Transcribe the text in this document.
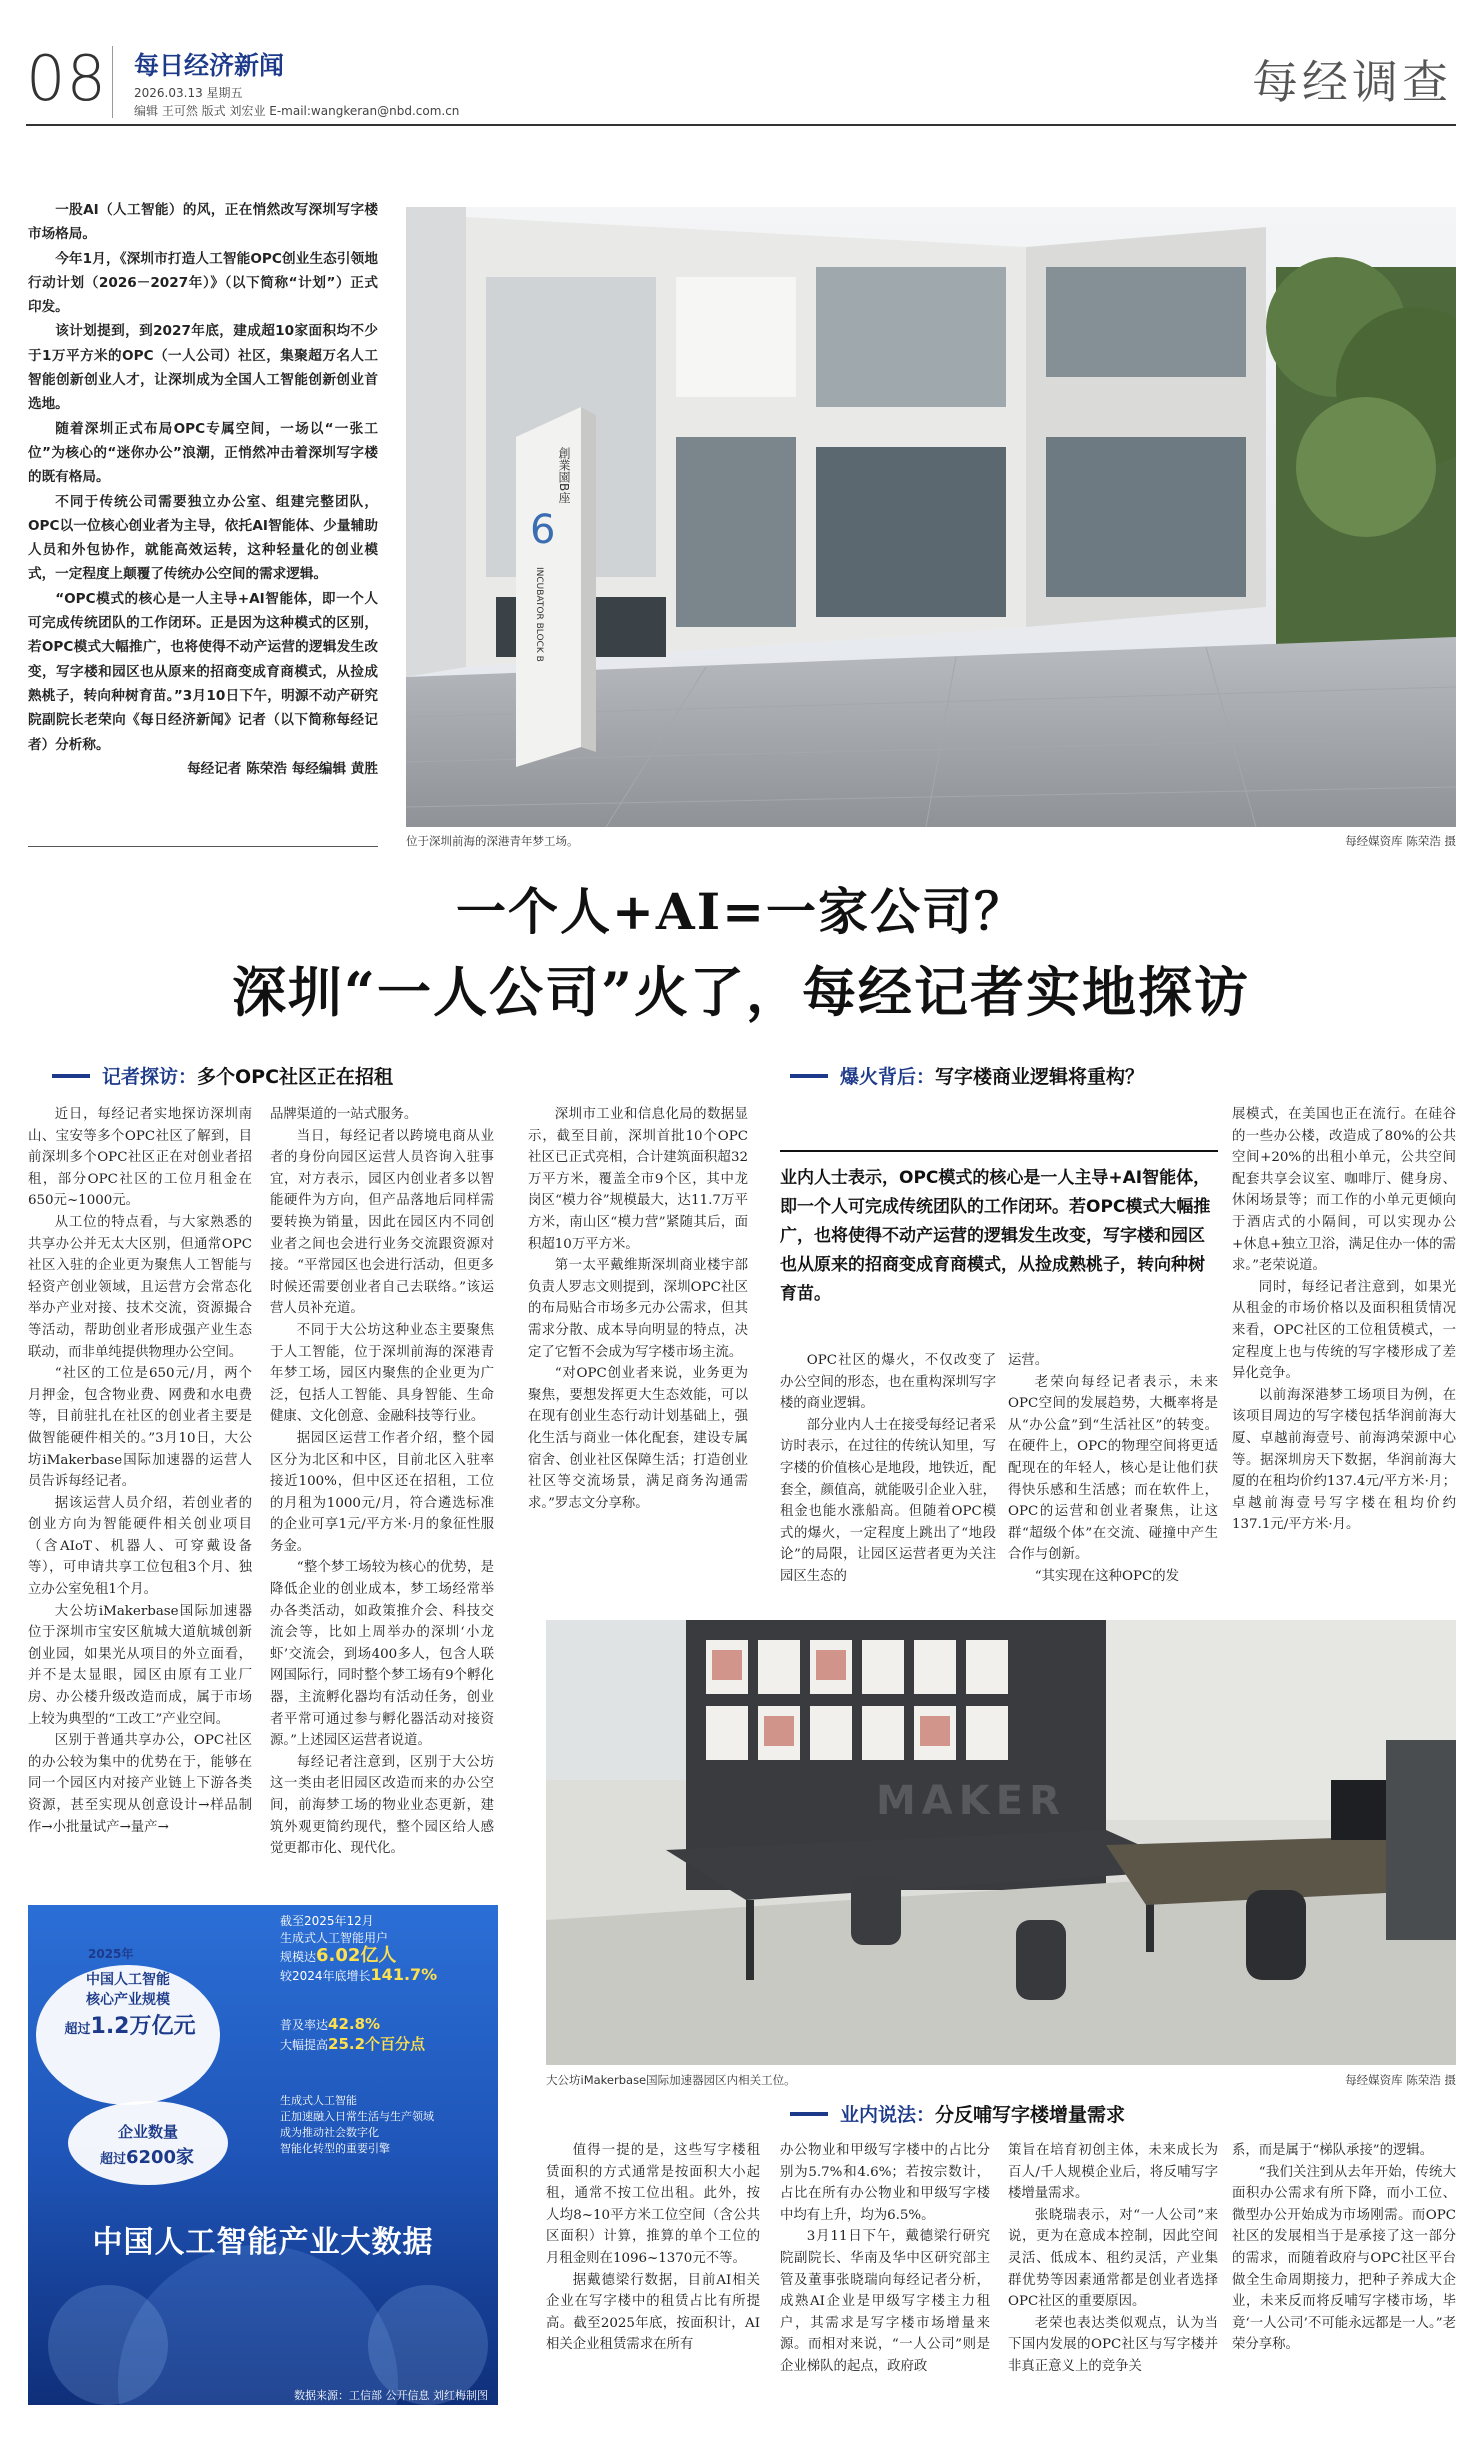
08 每日经济新闻
2026.03.13 星期五
编辑 王可然 版式 刘宏业 E-mail:wangkeran@nbd.com.cn
每经调查

一股AI（人工智能）的风，正在悄然改写深圳写字楼市场格局。

今年1月，《深圳市打造人工智能OPC创业生态引领地行动计划（2026－2027年）》（以下简称“计划”）正式印发。

该计划提到，到2027年底，建成超10家面积均不少于1万平方米的OPC（一人公司）社区，集聚超万名人工智能创新创业人才，让深圳成为全国人工智能创新创业首选地。

随着深圳正式布局OPC专属空间，一场以“一张工位”为核心的“迷你办公”浪潮，正悄然冲击着深圳写字楼的既有格局。

不同于传统公司需要独立办公室、组建完整团队，OPC以一位核心创业者为主导，依托AI智能体、少量辅助人员和外包协作，就能高效运转，这种轻量化的创业模式，一定程度上颠覆了传统办公空间的需求逻辑。

“OPC模式的核心是一人主导+AI智能体，即一个人可完成传统团队的工作闭环。正是因为这种模式的区别，若OPC模式大幅推广，也将使得不动产运营的逻辑发生改变，写字楼和园区也从原来的招商变成育商模式，从捡成熟桃子，转向种树育苗。”3月10日下午，明源不动产研究院副院长老荣向《每日经济新闻》记者（以下简称每经记者）分析称。

每经记者 陈荣浩 每经编辑 黄胜

6
創業園B座
INCUBATOR BLOCK B
位于深圳前海的深港青年梦工场。	每经媒资库 陈荣浩 摄
一个人+AI=一家公司？
深圳“一人公司”火了，每经记者实地探访
记者探访： 多个OPC社区正在招租

近日，每经记者实地探访深圳南山、宝安等多个OPC社区了解到，目前深圳多个OPC社区正在对创业者招租，部分OPC社区的工位月租金在650元~1000元。

从工位的特点看，与大家熟悉的共享办公并无太大区别，但通常OPC社区入驻的企业更为聚焦人工智能与轻资产创业领域，且运营方会常态化举办产业对接、技术交流，资源撮合等活动，帮助创业者形成强产业生态联动，而非单纯提供物理办公空间。

“社区的工位是650元/月，两个月押金，包含物业费、网费和水电费等，目前驻扎在社区的创业者主要是做智能硬件相关的。”3月10日，大公坊iMakerbase国际加速器的运营人员告诉每经记者。

据该运营人员介绍，若创业者的创业方向为智能硬件相关创业项目（含AIoT、机器人、可穿戴设备等），可申请共享工位包租3个月、独立办公室免租1个月。

大公坊iMakerbase国际加速器位于深圳市宝安区航城大道航城创新创业园，如果光从项目的外立面看，并不是太显眼，园区由原有工业厂房、办公楼升级改造而成，属于市场上较为典型的“工改工”产业空间。

区别于普通共享办公，OPC社区的办公较为集中的优势在于，能够在同一个园区内对接产业链上下游各类资源，甚至实现从创意设计→样品制作→小批量试产→量产→

品牌渠道的一站式服务。

当日，每经记者以跨境电商从业者的身份向园区运营人员咨询入驻事宜，对方表示，园区内创业者多以智能硬件为方向，但产品落地后同样需要转换为销量，因此在园区内不同创业者之间也会进行业务交流跟资源对接。“平常园区也会进行活动，但更多时候还需要创业者自己去联络。”该运营人员补充道。

不同于大公坊这种业态主要聚焦于人工智能，位于深圳前海的深港青年梦工场，园区内聚焦的企业更为广泛，包括人工智能、具身智能、生命健康、文化创意、金融科技等行业。

据园区运营工作者介绍，整个园区分为北区和中区，目前北区入驻率接近100%，但中区还在招租，工位的月租为1000元/月，符合遴选标准的企业可享1元/平方米·月的象征性服务金。

“整个梦工场较为核心的优势，是降低企业的创业成本，梦工场经常举办各类活动，如政策推介会、科技交流会等，比如上周举办的深圳‘小龙虾’交流会，到场400多人，包含人联网国际行，同时整个梦工场有9个孵化器，主流孵化器均有活动任务，创业者平常可通过参与孵化器活动对接资源。”上述园区运营者说道。

每经记者注意到，区别于大公坊这一类由老旧园区改造而来的办公空间，前海梦工场的物业业态更新，建筑外观更简约现代，整个园区给人感觉更都市化、现代化。

深圳市工业和信息化局的数据显示，截至目前，深圳首批10个OPC社区已正式亮相，合计建筑面积超32万平方米，覆盖全市9个区，其中龙岗区“模力谷”规模最大，达11.7万平方米，南山区“模力营”紧随其后，面积超10万平方米。

第一太平戴维斯深圳商业楼宇部负责人罗志文则提到，深圳OPC社区的布局贴合市场多元办公需求，但其需求分散、成本导向明显的特点，决定了它暂不会成为写字楼市场主流。

“对OPC创业者来说，业务更为聚焦，要想发挥更大生态效能，可以在现有创业生态行动计划基础上，强化生活与商业一体化配套，建设专属宿舍、创业社区保障生活；打造创业社区等交流场景，满足商务沟通需求。”罗志文分享称。

2025年
中国人工智能
核心产业规模
超过1.2万亿元
企业数量
超过6200家
截至2025年12月
生成式人工智能用户
规模达6.02亿人
较2024年底增长141.7%
普及率达42.8%
大幅提高25.2个百分点
生成式人工智能
正加速融入日常生活与生产领域
成为推动社会数字化
智能化转型的重要引擎
中国人工智能产业大数据
数据来源：工信部 公开信息 刘红梅制图
爆火背后： 写字楼商业逻辑将重构？
业内人士表示，OPC模式的核心是一人主导+AI智能体，即一个人可完成传统团队的工作闭环。若OPC模式大幅推广，也将使得不动产运营的逻辑发生改变，写字楼和园区也从原来的招商变成育商模式，从捡成熟桃子，转向种树育苗。

OPC社区的爆火，不仅改变了办公空间的形态，也在重构深圳写字楼的商业逻辑。

部分业内人士在接受每经记者采访时表示，在过往的传统认知里，写字楼的价值核心是地段，地铁近，配套全，颜值高，就能吸引企业入驻，租金也能水涨船高。但随着OPC模式的爆火，一定程度上跳出了“地段论”的局限，让园区运营者更为关注园区生态的

运营。

老荣向每经记者表示，未来OPC空间的发展趋势，大概率将是从“办公盒”到“生活社区”的转变。在硬件上，OPC的物理空间将更适配现在的年轻人，核心是让他们获得快乐感和生活感；而在软件上，OPC的运营和创业者聚焦，让这群“超级个体”在交流、碰撞中产生合作与创新。

“其实现在这种OPC的发

展模式，在美国也正在流行。在硅谷的一些办公楼，改造成了80%的公共空间+20%的出租小单元，公共空间配套共享会议室、咖啡厅、健身房、休闲场景等；而工作的小单元更倾向于酒店式的小隔间，可以实现办公+休息+独立卫浴，满足住办一体的需求。”老荣说道。

同时，每经记者注意到，如果光从租金的市场价格以及面积租赁情况来看，OPC社区的工位租赁模式，一定程度上也与传统的写字楼形成了差异化竞争。

以前海深港梦工场项目为例，在该项目周边的写字楼包括华润前海大厦、卓越前海壹号、前海鸿荣源中心等。据深圳房天下数据，华润前海大厦的在租均价约137.4元/平方米·月；卓越前海壹号写字楼在租均价约137.1元/平方米·月。

MAKER
大公坊iMakerbase国际加速器园区内相关工位。	每经媒资库 陈荣浩 摄
业内说法： 分反哺写字楼增量需求

值得一提的是，这些写字楼租赁面积的方式通常是按面积大小起租，通常不按工位出租。此外，按人均8~10平方米工位空间（含公共区面积）计算，推算的单个工位的月租金则在1096~1370元不等。

据戴德梁行数据，目前AI相关企业在写字楼中的租赁占比有所提高。截至2025年底，按面积计，AI相关企业租赁需求在所有

办公物业和甲级写字楼中的占比分别为5.7%和4.6%；若按宗数计，占比在所有办公物业和甲级写字楼中均有上升，均为6.5%。

3月11日下午，戴德梁行研究院副院长、华南及华中区研究部主管及董事张晓瑞向每经记者分析，成熟AI企业是甲级写字楼主力租户，其需求是写字楼市场增量来源。而相对来说，“一人公司”则是企业梯队的起点，政府政

策旨在培育初创主体，未来成长为百人/千人规模企业后，将反哺写字楼增量需求。

张晓瑞表示，对“一人公司”来说，更为在意成本控制，因此空间灵活、低成本、租约灵活，产业集群优势等因素通常都是创业者选择OPC社区的重要原因。

老荣也表达类似观点，认为当下国内发展的OPC社区与写字楼并非真正意义上的竞争关

系，而是属于“梯队承接”的逻辑。

“我们关注到从去年开始，传统大面积办公需求有所下降，而小工位、微型办公开始成为市场刚需。而OPC社区的发展相当于是承接了这一部分的需求，而随着政府与OPC社区平台做全生命周期接力，把种子养成大企业，未来反而将反哺写字楼市场，毕竟‘一人公司’不可能永远都是一人。”老荣分享称。
